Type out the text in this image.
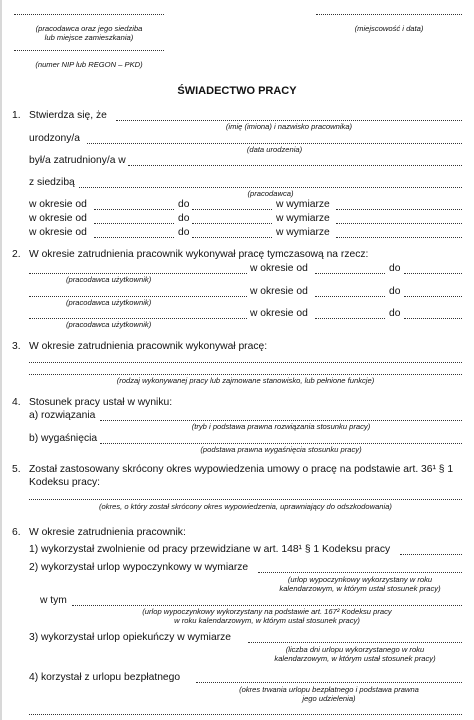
(pracodawca oraz jego siedziba
lub miejsce zamieszkania)
(miejscowość i data)
(numer NIP lub REGON – PKD)
ŚWIADECTWO PRACY
1. Stwierdza się, że
(imię (imiona) i nazwisko pracownika)
urodzony/a
(data urodzenia)
był/a zatrudniony/a w
z siedzibą
(pracodawca)
w okresie od	do	w wymiarze
w okresie od	do	w wymiarze
w okresie od	do	w wymiarze
2. W okresie zatrudnienia pracownik wykonywał pracę tymczasową na rzecz:
w okresie od	do
(pracodawca użytkownik)
w okresie od	do
(pracodawca użytkownik)
w okresie od	do
(pracodawca użytkownik)
3. W okresie zatrudnienia pracownik wykonywał pracę:
(rodzaj wykonywanej pracy lub zajmowane stanowisko, lub pełnione funkcje)
4. Stosunek pracy ustał w wyniku:
a) rozwiązania
(tryb i podstawa prawna rozwiązania stosunku pracy)
b) wygaśnięcia
(podstawa prawna wygaśnięcia stosunku pracy)
5. Został zastosowany skrócony okres wypowiedzenia umowy o pracę na podstawie art. 36¹ § 1
Kodeksu pracy:
(okres, o który został skrócony okres wypowiedzenia, uprawniający do odszkodowania)
6. W okresie zatrudnienia pracownik:
1) wykorzystał zwolnienie od pracy przewidziane w art. 148¹ § 1 Kodeksu pracy
2) wykorzystał urlop wypoczynkowy w wymiarze
(urlop wypoczynkowy wykorzystany w roku
kalendarzowym, w którym ustał stosunek pracy)
w tym
(urlop wypoczynkowy wykorzystany na podstawie art. 167² Kodeksu pracy
w roku kalendarzowym, w którym ustał stosunek pracy)
3) wykorzystał urlop opiekuńczy w wymiarze
(liczba dni urlopu wykorzystanego w roku
kalendarzowym, w którym ustał stosunek pracy)
4) korzystał z urlopu bezpłatnego
(okres trwania urlopu bezpłatnego i podstawa prawna
jego udzielenia)
